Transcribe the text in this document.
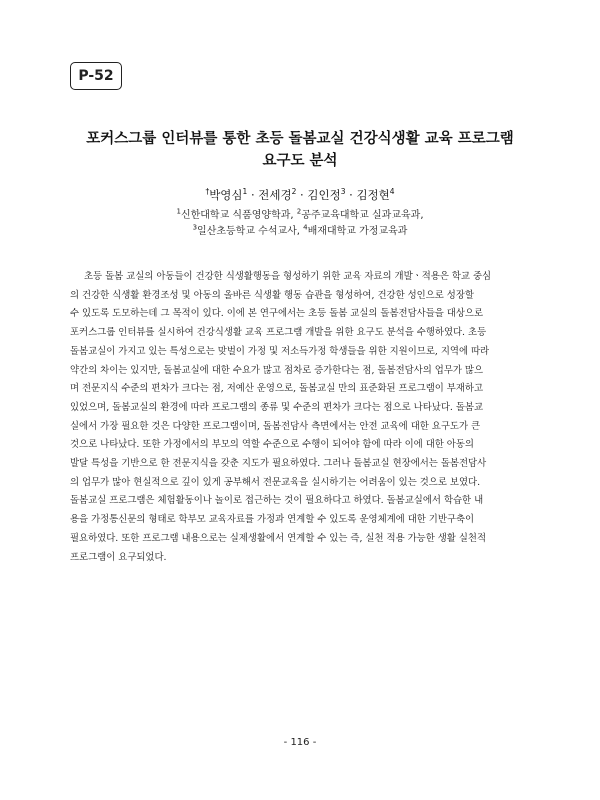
P-52
포커스그룹 인터뷰를 통한 초등 돌봄교실 건강식생활 교육 프로그램
요구도 분석
†박영심$^1$ · 전세경$^2$ · 김인정$^3$ · 김정현$^4$
$^1$신한대학교 식품영양학과, $^2$공주교육대학교 실과교육과,
$^3$일산초등학교 수석교사, $^4$배재대학교 가정교육과
초등 돌봄 교실의 아동들이 건강한 식생활행동을 형성하기 위한 교육 자료의 개발ㆍ적용은 학교 중심
의 건강한 식생활 환경조성 및 아동의 올바른 식생활 행동 습관을 형성하여, 건강한 성인으로 성장할
수 있도록 도모하는데 그 목적이 있다. 이에 본 연구에서는 초등 돌봄 교실의 돌봄전담사들을 대상으로
포커스그룹 인터뷰를 실시하여 건강식생활 교육 프로그램 개발을 위한 요구도 분석을 수행하였다. 초등
돌봄교실이 가지고 있는 특성으로는 맞벌이 가정 및 저소득가정 학생들을 위한 지원이므로, 지역에 따라
약간의 차이는 있지만, 돌봄교실에 대한 수요가 많고 점차로 증가한다는 점, 돌봄전담사의 업무가 많으
며 전문지식 수준의 편차가 크다는 점, 저예산 운영으로, 돌봄교실 만의 표준화된 프로그램이 부재하고
있었으며, 돌봄교실의 환경에 따라 프로그램의 종류 및 수준의 편차가 크다는 점으로 나타났다. 돌봄교
실에서 가장 필요한 것은 다양한 프로그램이며, 돌봄전담사 측면에서는 안전 교육에 대한 요구도가 큰
것으로 나타났다. 또한 가정에서의 부모의 역할 수준으로 수행이 되어야 함에 따라 이에 대한 아동의
발달 특성을 기반으로 한 전문지식을 갖춘 지도가 필요하였다. 그러나 돌봄교실 현장에서는 돌봄전담사
의 업무가 많아 현실적으로 깊이 있게 공부해서 전문교육을 실시하기는 어려움이 있는 것으로 보였다.
돌봄교실 프로그램은 체험활동이나 놀이로 접근하는 것이 필요하다고 하였다. 돌봄교실에서 학습한 내
용을 가정통신문의 형태로 학부모 교육자료를 가정과 연계할 수 있도록 운영체계에 대한 기반구축이
필요하였다. 또한 프로그램 내용으로는 실제생활에서 연계할 수 있는 즉, 실천 적용 가능한 생활 실천적
프로그램이 요구되었다.
- 116 -
